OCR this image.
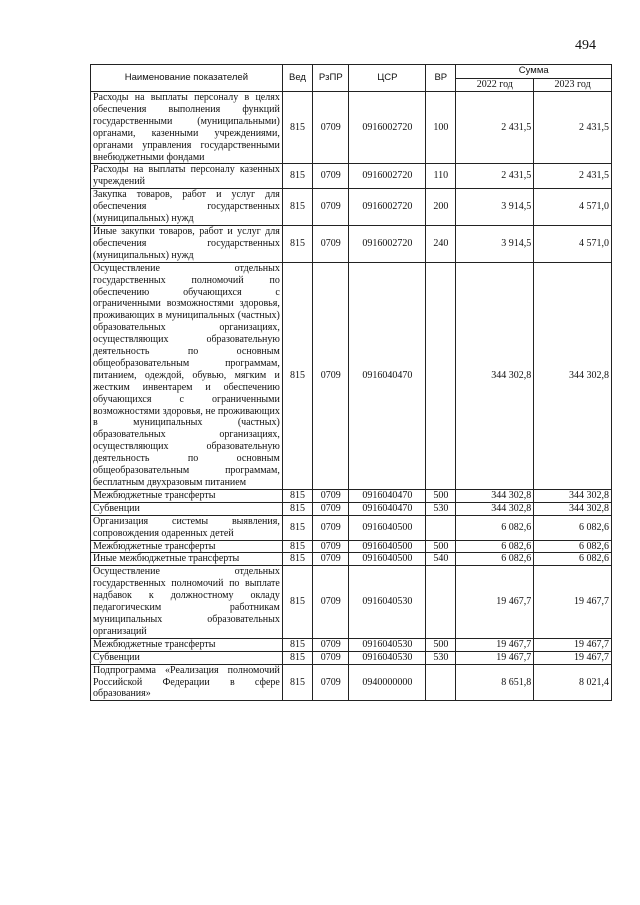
494
Наименование показателей	Вед	РзПР	ЦСР	ВР	Сумма	
					2022 год	2023 год
Расходы на выплаты персоналу в целях обеспечения выполнения функций государственными (муниципальными) органами, казенными учреждениями, органами управления государственными внебюджетными фондами	815	0709	0916002720	100	2 431,5	2 431,5
Расходы на выплаты персоналу казенных учреждений	815	0709	0916002720	110	2 431,5	2 431,5
Закупка товаров, работ и услуг для обеспечения государственных (муниципальных) нужд	815	0709	0916002720	200	3 914,5	4 571,0
Иные закупки товаров, работ и услуг для обеспечения государственных (муниципальных) нужд	815	0709	0916002720	240	3 914,5	4 571,0
Осуществление отдельных государственных полномочий по обеспечению обучающихся с ограниченными возможностями здоровья, проживающих в муниципальных (частных) образовательных организациях, осуществляющих образовательную деятельность по основным общеобразовательным программам, питанием, одеждой, обувью, мягким и жестким инвентарем и обеспечению обучающихся с ограниченными возможностями здоровья, не проживающих в муниципальных (частных) образовательных организациях, осуществляющих образовательную деятельность по основным общеобразовательным программам, бесплатным двухразовым питанием	815	0709	0916040470		344 302,8	344 302,8
Межбюджетные трансферты	815	0709	0916040470	500	344 302,8	344 302,8
Субвенции	815	0709	0916040470	530	344 302,8	344 302,8
Организация системы выявления, сопровождения одаренных детей	815	0709	0916040500		6 082,6	6 082,6
Межбюджетные трансферты	815	0709	0916040500	500	6 082,6	6 082,6
Иные межбюджетные трансферты	815	0709	0916040500	540	6 082,6	6 082,6
Осуществление отдельных государственных полномочий по выплате надбавок к должностному окладу педагогическим работникам муниципальных образовательных организаций	815	0709	0916040530		19 467,7	19 467,7
Межбюджетные трансферты	815	0709	0916040530	500	19 467,7	19 467,7
Субвенции	815	0709	0916040530	530	19 467,7	19 467,7
Подпрограмма «Реализация полномочий Российской Федерации в сфере образования»	815	0709	0940000000		8 651,8	8 021,4
